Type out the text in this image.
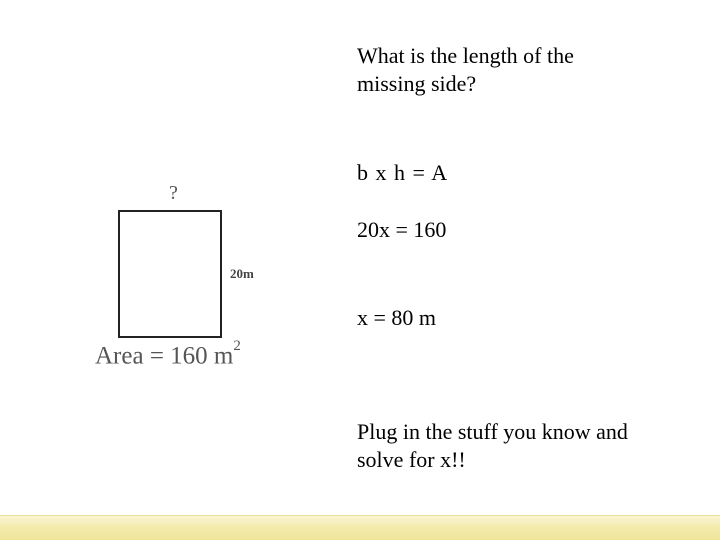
What is the length of the
missing side?
b x h = A
20x = 160
x = 80 m
Plug in the stuff you know and
solve for x!!
?
20m
Area = 160 $m^2$
